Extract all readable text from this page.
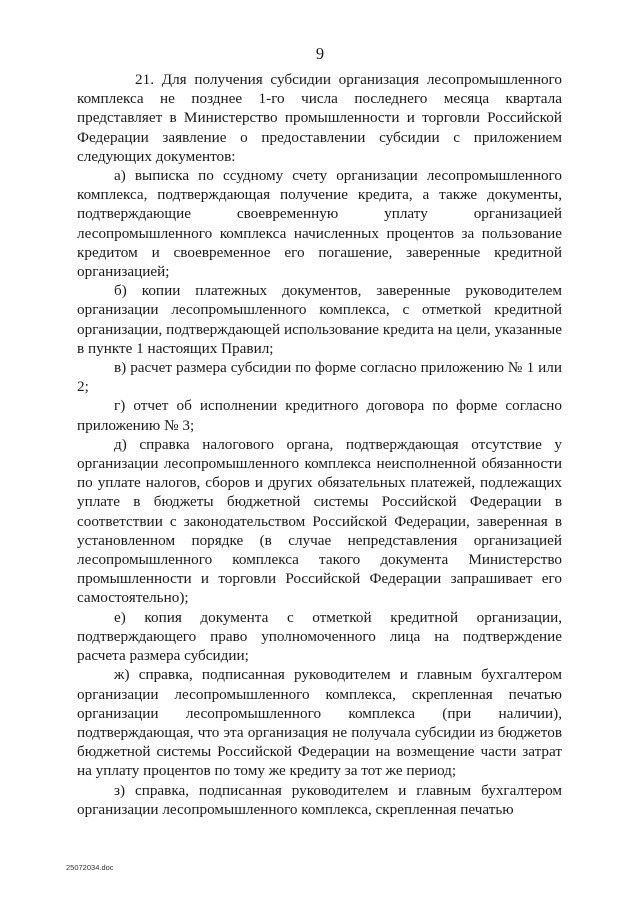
9

21. Для получения субсидии организация лесопромышленного комплекса не позднее 1-го числа последнего месяца квартала представляет в Министерство промышленности и торговли Российской Федерации заявление о предоставлении субсидии с приложением следующих документов:

а) выписка по ссудному счету организации лесопромышленного комплекса, подтверждающая получение кредита, а также документы, подтверждающие своевременную уплату организацией лесопромышленного комплекса начисленных процентов за пользование кредитом и своевременное его погашение, заверенные кредитной организацией;

б) копии платежных документов, заверенные руководителем организации лесопромышленного комплекса, с отметкой кредитной организации, подтверждающей использование кредита на цели, указанные в пункте 1 настоящих Правил;

в) расчет размера субсидии по форме согласно приложению № 1 или 2;

г) отчет об исполнении кредитного договора по форме согласно приложению № 3;

д) справка налогового органа, подтверждающая отсутствие у организации лесопромышленного комплекса неисполненной обязанности по уплате налогов, сборов и других обязательных платежей, подлежащих уплате в бюджеты бюджетной системы Российской Федерации в соответствии с законодательством Российской Федерации, заверенная в установленном порядке (в случае непредставления организацией лесопромышленного комплекса такого документа Министерство промышленности и торговли Российской Федерации запрашивает его самостоятельно);

е) копия документа с отметкой кредитной организации, подтверждающего право уполномоченного лица на подтверждение расчета размера субсидии;

ж) справка, подписанная руководителем и главным бухгалтером организации лесопромышленного комплекса, скрепленная печатью организации лесопромышленного комплекса (при наличии), подтверждающая, что эта организация не получала субсидии из бюджетов бюджетной системы Российской Федерации на возмещение части затрат на уплату процентов по тому же кредиту за тот же период;

з) справка, подписанная руководителем и главным бухгалтером организации лесопромышленного комплекса, скрепленная печатью

25072034.doc
